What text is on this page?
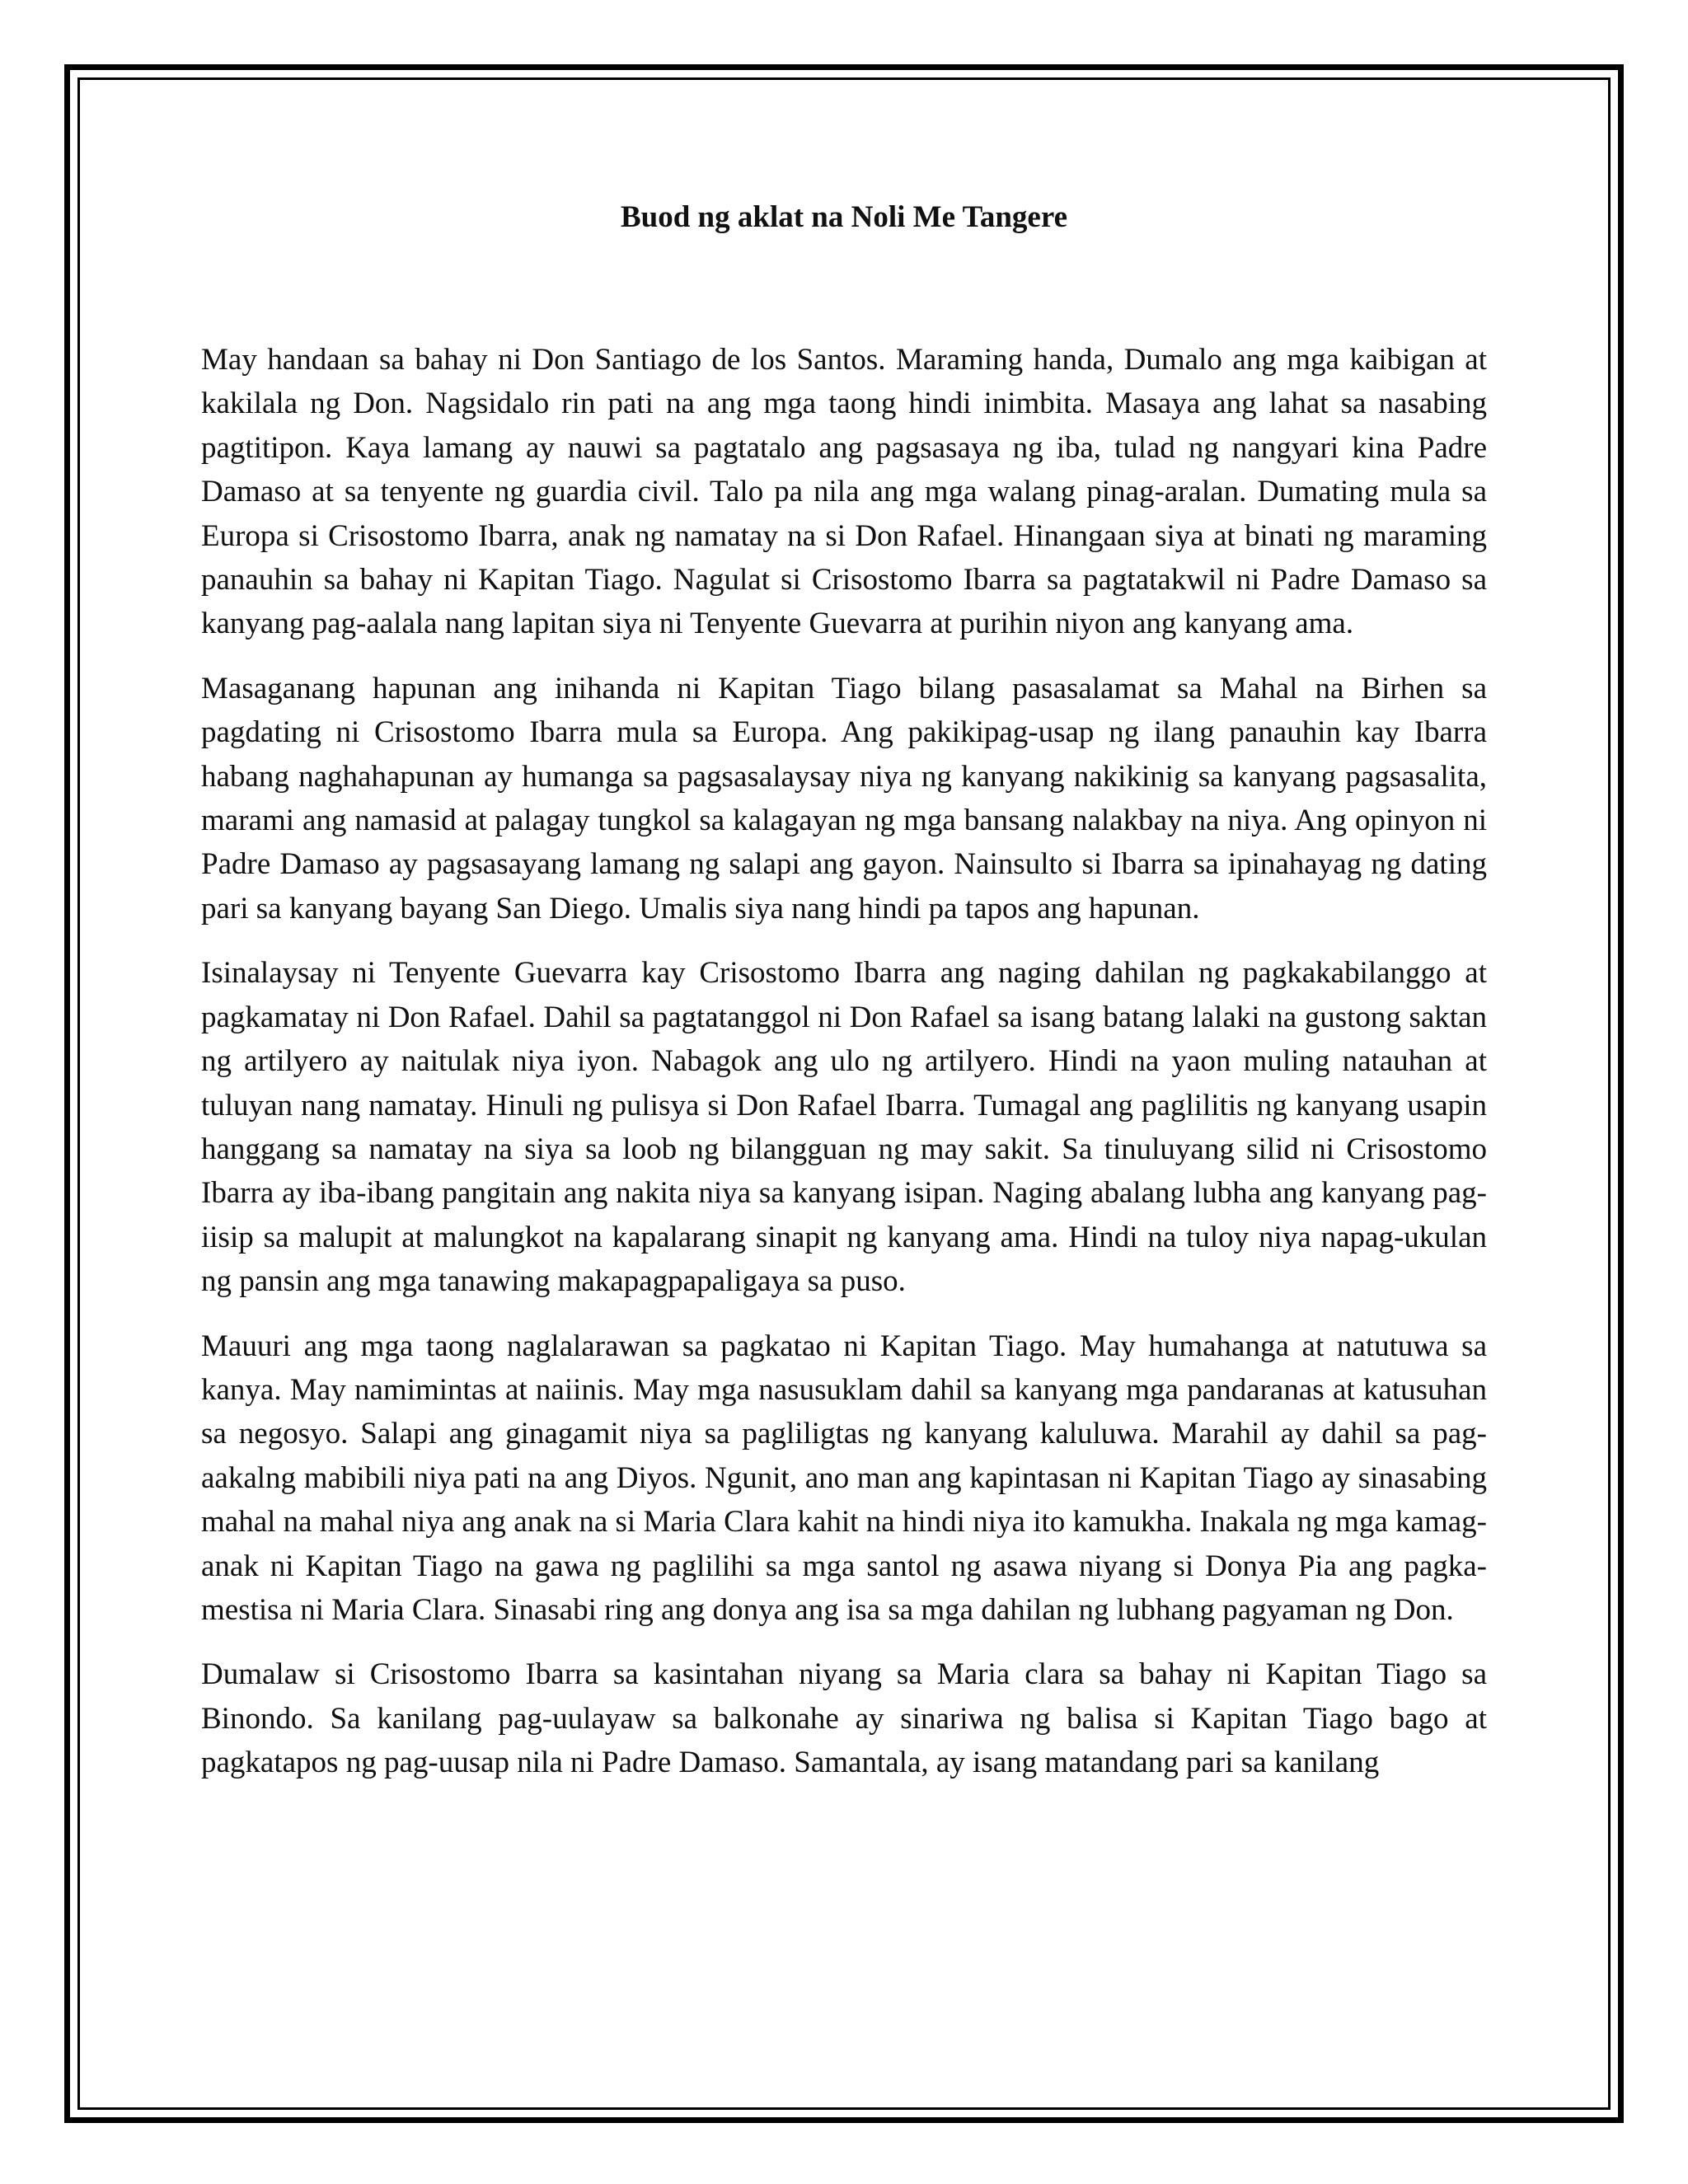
Buod ng aklat na Noli Me Tangere

May handaan sa bahay ni Don Santiago de los Santos. Maraming handa, Dumalo ang mga kaibigan at kakilala ng Don. Nagsidalo rin pati na ang mga taong hindi inimbita. Masaya ang lahat sa nasabing pagtitipon. Kaya lamang ay nauwi sa pagtatalo ang pagsasaya ng iba, tulad ng nangyari kina Padre Damaso at sa tenyente ng guardia civil. Talo pa nila ang mga walang pinag-aralan. Dumating mula sa Europa si Crisostomo Ibarra, anak ng namatay na si Don Rafael. Hinangaan siya at binati ng maraming panauhin sa bahay ni Kapitan Tiago. Nagulat si Crisostomo Ibarra sa pagtatakwil ni Padre Damaso sa kanyang pag-aalala nang lapitan siya ni Tenyente Guevarra at purihin niyon ang kanyang ama.

Masaganang hapunan ang inihanda ni Kapitan Tiago bilang pasasalamat sa Mahal na Birhen sa pagdating ni Crisostomo Ibarra mula sa Europa. Ang pakikipag-usap ng ilang panauhin kay Ibarra habang naghahapunan ay humanga sa pagsasalaysay niya ng kanyang nakikinig sa kanyang pagsasalita, marami ang namasid at palagay tungkol sa kalagayan ng mga bansang nalakbay na niya. Ang opinyon ni Padre Damaso ay pagsasayang lamang ng salapi ang gayon. Nainsulto si Ibarra sa ipinahayag ng dating pari sa kanyang bayang San Diego. Umalis siya nang hindi pa tapos ang hapunan.

Isinalaysay ni Tenyente Guevarra kay Crisostomo Ibarra ang naging dahilan ng pagkakabilanggo at pagkamatay ni Don Rafael. Dahil sa pagtatanggol ni Don Rafael sa isang batang lalaki na gustong saktan ng artilyero ay naitulak niya iyon. Nabagok ang ulo ng artilyero. Hindi na yaon muling natauhan at tuluyan nang namatay. Hinuli ng pulisya si Don Rafael Ibarra. Tumagal ang paglilitis ng kanyang usapin hanggang sa namatay na siya sa loob ng bilangguan ng may sakit. Sa tinuluyang silid ni Crisostomo Ibarra ay iba-ibang pangitain ang nakita niya sa kanyang isipan. Naging abalang lubha ang kanyang pag-iisip sa malupit at malungkot na kapalarang sinapit ng kanyang ama. Hindi na tuloy niya napag-ukulan ng pansin ang mga tanawing makapagpapaligaya sa puso.

Mauuri ang mga taong naglalarawan sa pagkatao ni Kapitan Tiago. May humahanga at natutuwa sa kanya. May namimintas at naiinis. May mga nasusuklam dahil sa kanyang mga pandaranas at katusuhan sa negosyo. Salapi ang ginagamit niya sa pagliligtas ng kanyang kaluluwa. Marahil ay dahil sa pag-aakalng mabibili niya pati na ang Diyos. Ngunit, ano man ang kapintasan ni Kapitan Tiago ay sinasabing mahal na mahal niya ang anak na si Maria Clara kahit na hindi niya ito kamukha. Inakala ng mga kamag-anak ni Kapitan Tiago na gawa ng paglilihi sa mga santol ng asawa niyang si Donya Pia ang pagka-mestisa ni Maria Clara. Sinasabi ring ang donya ang isa sa mga dahilan ng lubhang pagyaman ng Don.

Dumalaw si Crisostomo Ibarra sa kasintahan niyang sa Maria clara sa bahay ni Kapitan Tiago sa Binondo. Sa kanilang pag-uulayaw sa balkonahe ay sinariwa ng balisa si Kapitan Tiago bago at pagkatapos ng pag-uusap nila ni Padre Damaso. Samantala, ay isang matandang pari sa kanilang
